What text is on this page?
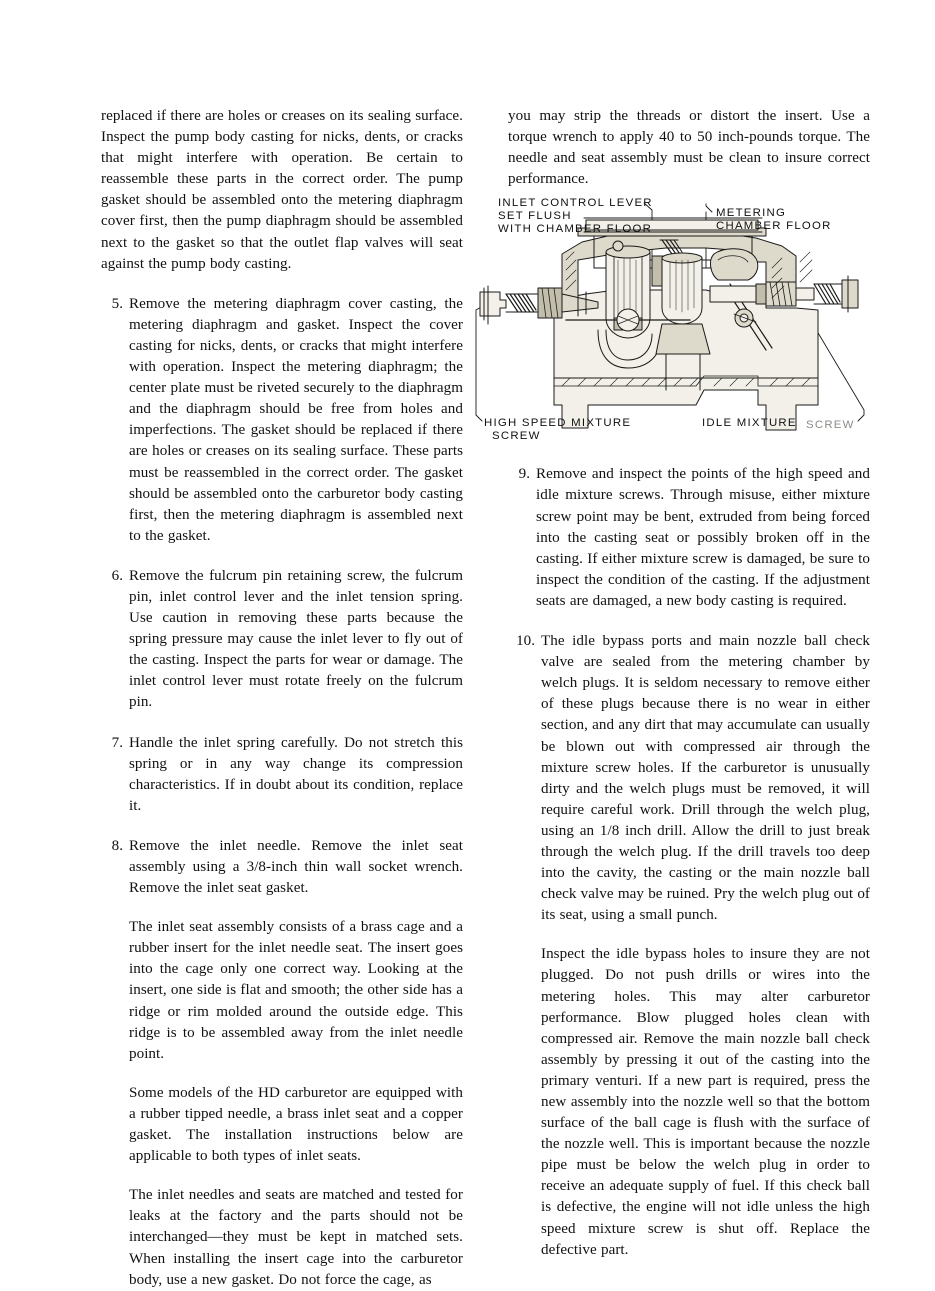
replaced if there are holes or creases on its sealing surface. Inspect the pump body casting for nicks, dents, or cracks that might interfere with operation. Be certain to reassemble these parts in the correct order. The pump gasket should be assembled onto the metering diaphragm cover first, then the pump diaphragm should be assembled next to the gasket so that the outlet flap valves will seat against the pump body casting.

5. Remove the metering diaphragm cover casting, the metering diaphragm and gasket. Inspect the cover casting for nicks, dents, or cracks that might interfere with operation. Inspect the metering diaphragm; the center plate must be riveted securely to the diaphragm and the diaphragm should be free from holes and imperfections. The gasket should be replaced if there are holes or creases on its sealing surface. These parts must be reassembled in the correct order. The gasket should be assembled onto the carburetor body casting first, then the metering diaphragm is assembled next to the gasket.

6. Remove the fulcrum pin retaining screw, the fulcrum pin, inlet control lever and the inlet tension spring. Use caution in removing these parts because the spring pressure may cause the inlet lever to fly out of the casting. Inspect the parts for wear or damage. The inlet control lever must rotate freely on the fulcrum pin.

7. Handle the inlet spring carefully. Do not stretch this spring or in any way change its compression characteristics. If in doubt about its condition, replace it.

8. Remove the inlet needle. Remove the inlet seat assembly using a 3/8-inch thin wall socket wrench. Remove the inlet seat gasket.

The inlet seat assembly consists of a brass cage and a rubber insert for the inlet needle seat. The insert goes into the cage only one correct way. Looking at the insert, one side is flat and smooth; the other side has a ridge or rim molded around the outside edge. This ridge is to be assembled away from the inlet needle point.

Some models of the HD carburetor are equipped with a rubber tipped needle, a brass inlet seat and a copper gasket. The installation instructions below are applicable to both types of inlet seats.

The inlet needles and seats are matched and tested for leaks at the factory and the parts should not be interchanged—they must be kept in matched sets. When installing the insert cage into the carburetor body, use a new gasket. Do not force the cage, as

you may strip the threads or distort the insert. Use a torque wrench to apply 40 to 50 inch-pounds torque. The needle and seat assembly must be clean to insure correct performance.

9. Remove and inspect the points of the high speed and idle mixture screws. Through misuse, either mixture screw point may be bent, extruded from being forced into the casting seat or possibly broken off in the casting. If either mixture screw is damaged, be sure to inspect the condition of the casting. If the adjustment seats are damaged, a new body casting is required.

10. The idle bypass ports and main nozzle ball check valve are sealed from the metering chamber by welch plugs. It is seldom necessary to remove either of these plugs because there is no wear in either section, and any dirt that may accumulate can usually be blown out with compressed air through the mixture screw holes. If the carburetor is unusually dirty and the welch plugs must be removed, it will require careful work. Drill through the welch plug, using an 1/8 inch drill. Allow the drill to just break through the welch plug. If the drill travels too deep into the cavity, the casting or the main nozzle ball check valve may be ruined. Pry the welch plug out of its seat, using a small punch.

Inspect the idle bypass holes to insure they are not plugged. Do not push drills or wires into the metering holes. This may alter carburetor performance. Blow plugged holes clean with compressed air. Remove the main nozzle ball check assembly by pressing it out of the casting into the primary venturi. If a new part is required, press the new assembly into the nozzle well so that the bottom surface of the ball cage is flush with the surface of the nozzle well. This is important because the nozzle pipe must be below the welch plug in order to receive an adequate supply of fuel. If this check ball is defective, the engine will not idle unless the high speed mixture screw is shut off. Replace the defective part.

INLET CONTROL LEVER
SET FLUSH
WITH CHAMBER FLOOR
METERING
CHAMBER FLOOR
HIGH SPEED MIXTURE
SCREW
IDLE MIXTURE SCREW
